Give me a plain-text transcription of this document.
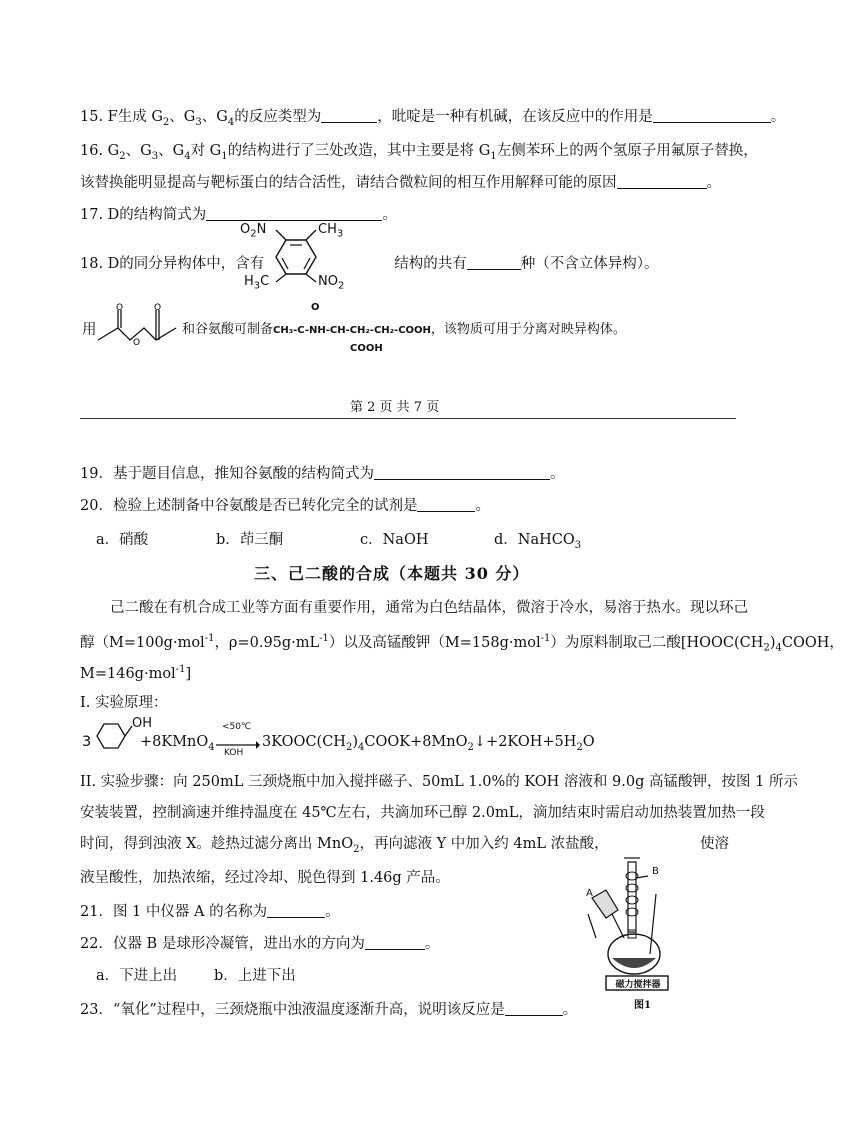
15. F生成 $G_2$、$G_3$、$G_4$的反应类型为	，吡啶是一种有机碱，在该反应中的作用是	。
16. $G_2$、$G_3$、$G_4$对 $G_1$的结构进行了三处改造，其中主要是将 $G_1$左侧苯环上的两个氢原子用氟原子替换，
该替换能明显提高与靶标蛋白的结合活性，请结合微粒间的相互作用解释可能的原因	。
17. D的结构简式为	。
18. D的同分异构体中，含有	结构的共有	种（不含立体异构）。
$O_2N$	$CH_3$
$H_3C$	$NO_2$
用
O	O
O
和谷氨酸可制备CH₃-C-NH-CH-CH₂-CH₂-COOH，该物质可用于分离对映异构体。
O
COOH
第 2 页 共 7 页
19．基于题目信息，推知谷氨酸的结构简式为	。
20．检验上述制备中谷氨酸是否已转化完全的试剂是	。
a．硝酸	b．茚三酮	c．NaOH	d．NaHCO$_3$
三、己二酸的合成（本题共 30 分）
己二酸在有机合成工业等方面有重要作用，通常为白色结晶体，微溶于冷水，易溶于热水。现以环己
醇（M=100g·mol$^{-1}$，$\rho=0.95g\cdot mL^{-1}$）以及高锰酸钾（M=158g·mol$^{-1}$）为原料制取己二酸[$HOOC(CH_2)_4COOH$，
M=146g·mol$^{-1}$]
I. 实验原理：
3
OH
+8KMnO$_4$
<50℃
KOH
$3KOOC(CH_2)_4COOK+8MnO_2↓+2KOH+5H_2O$
II. 实验步骤：向 250mL 三颈烧瓶中加入搅拌磁子、50mL 1.0%的 KOH 溶液和 9.0g 高锰酸钾，按图 1 所示
安装装置，控制滴速并维持温度在 45℃左右，共滴加环己醇 2.0mL，滴加结束时需启动加热装置加热一段
时间，得到浊液 X。趁热过滤分离出 MnO$_2$，再向滤液 Y 中加入约 4mL 浓盐酸，	使溶
液呈酸性，加热浓缩，经过冷却、脱色得到 1.46g 产品。
21．图 1 中仪器 A 的名称为	。
22．仪器 B 是球形冷凝管，进出水的方向为	。
a．下进上出	b．上进下出
23．“氧化”过程中，三颈烧瓶中浊液温度逐渐升高，说明该反应是	。
B
A
磁力搅拌器
图1
